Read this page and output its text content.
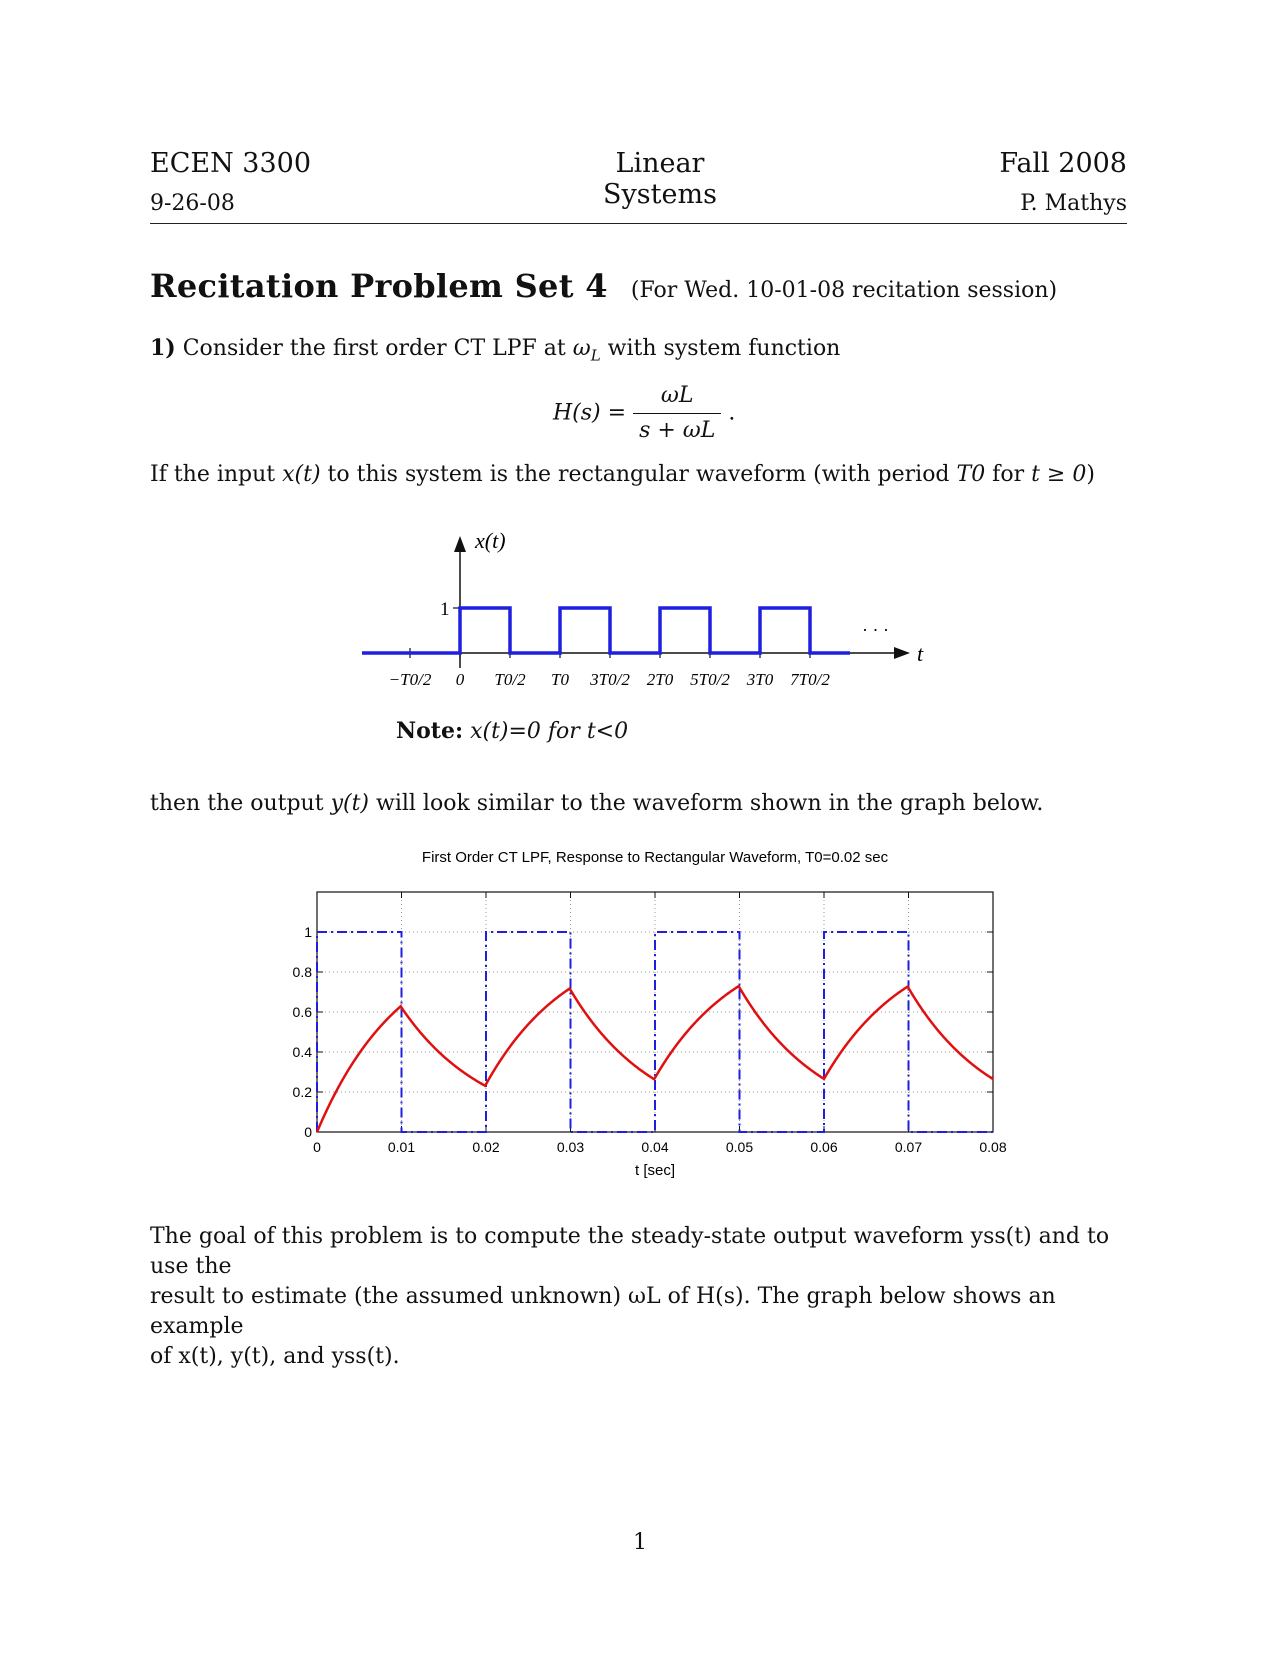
ECEN 3300	Linear Systems
Fall 2008
9-26-08	P. Mathys
Recitation Problem Set 4 (For Wed. 10-01-08 recitation session)
1) Consider the first order CT LPF at $\omega_L$ with system function
$H(s) = \frac{\omega L}{s + \omega L}$ .
If the input x(t) to this system is the rectangular waveform (with period T0 for t ≥ 0)
x(t)
1
t
· · ·
−T0/2 0 T0/2 T0 3T0/2 2T0 5T0/2 3T0 7T0/2
Note: x(t)=0 for t<0
then the output y(t) will look similar to the waveform shown in the graph below.
First Order CT LPF, Response to Rectangular Waveform, T0=0.02 sec
0	0.01	0.02	0.03	0.04	0.05	0.06	0.07	0.08
0
0.2
0.4
0.6
0.8
1
t [sec]
The goal of this problem is to compute the steady-state output waveform yss(t) and to use the
result to estimate (the assumed unknown) ωL of H(s). The graph below shows an example
of x(t), y(t), and yss(t).
1
